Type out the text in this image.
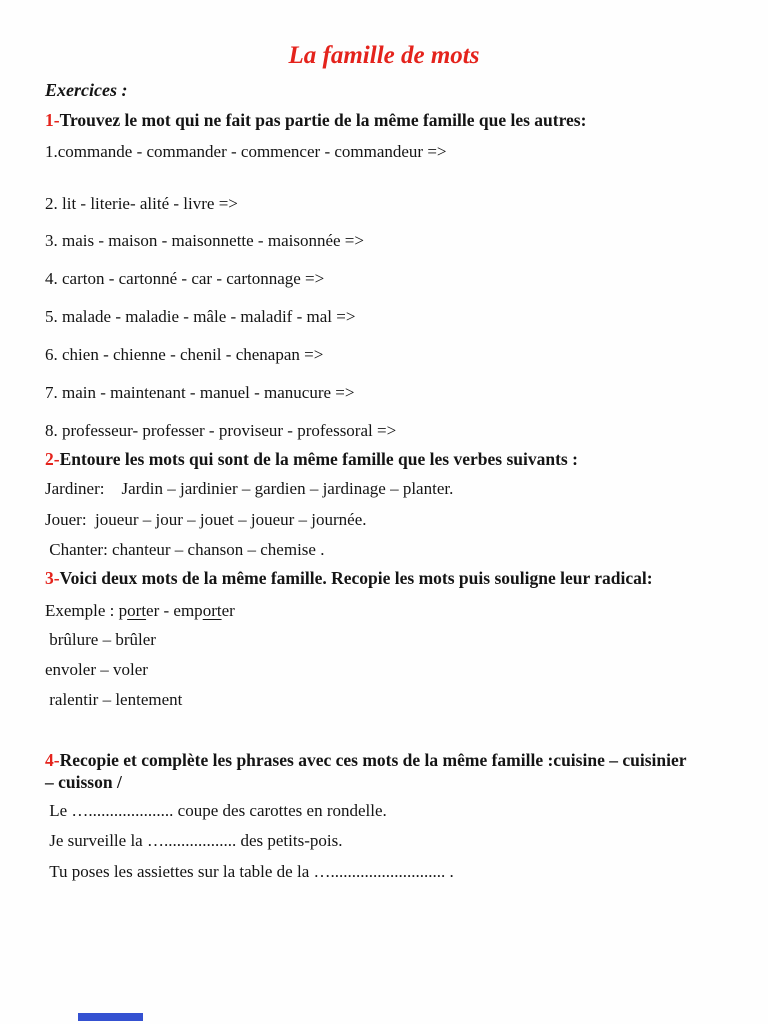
La famille de mots
Exercices :
1-Trouvez le mot qui ne fait pas partie de la même famille que les autres:
1.commande - commander - commencer - commandeur =>
2. lit - literie- alité - livre =>
3. mais - maison - maisonnette - maisonnée =>
4. carton - cartonné - car - cartonnage =>
5. malade - maladie - mâle - maladif - mal =>
6. chien - chienne - chenil - chenapan =>
7. main - maintenant - manuel - manucure =>
8. professeur- professer - proviseur - professoral =>
2-Entoure les mots qui sont de la même famille que les verbes suivants :
Jardiner:    Jardin – jardinier – gardien – jardinage – planter.
Jouer:  joueur – jour – jouet – joueur – journée.
Chanter: chanteur – chanson – chemise .
3-Voici deux mots de la même famille. Recopie les mots puis souligne leur radical:
Exemple : porter - emporter
brûlure – brûler
envoler – voler
ralentir – lentement
4-Recopie et complète les phrases avec ces mots de la même famille :cuisine – cuisinier
– cuisson /
Le ….................... coupe des carottes en rondelle.
Je surveille la …................. des petits-pois.
Tu poses les assiettes sur la table de la …........................... .
